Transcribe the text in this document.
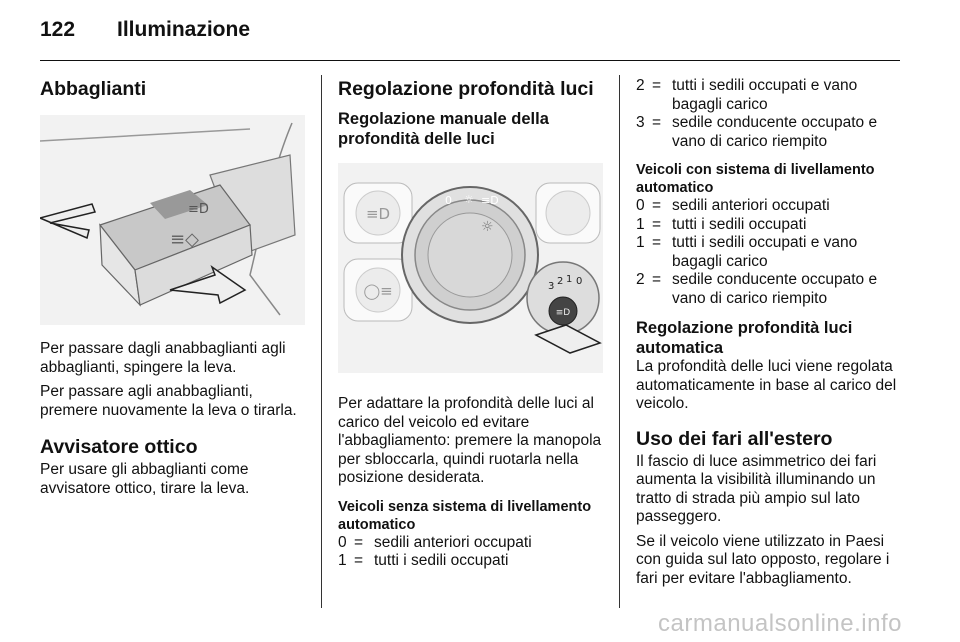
122 Illuminazione
Abbaglianti
≡◇
≡D

Per passare dagli anabbaglianti agli abbaglianti, spingere la leva.

Per passare agli anabbaglianti, premere nuovamente la leva o tirarla.

Avvisatore ottico

Per usare gli abbaglianti come avvisatore ottico, tirare la leva.

Regolazione profondità luci
Regolazione manuale della profondità delle luci
≡D
◯≡
0 ☼ ≡D
☼
≡D
3 2 1 0

Per adattare la profondità delle luci al carico del veicolo ed evitare l'abbagliamento: premere la manopola per sbloccarla, quindi ruotarla nella posizione desiderata.

Veicoli senza sistema di livellamento automatico
0 = sedili anteriori occupati
1 = tutti i sedili occupati
2 = tutti i sedili occupati e vano bagagli carico
3 = sedile conducente occupato e vano di carico riempito
Veicoli con sistema di livellamento automatico
0 = sedili anteriori occupati
1 = tutti i sedili occupati
1 = tutti i sedili occupati e vano bagagli carico
2 = sedile conducente occupato e vano di carico riempito
Regolazione profondità luci automatica

La profondità delle luci viene regolata automaticamente in base al carico del veicolo.

Uso dei fari all'estero

Il fascio di luce asimmetrico dei fari aumenta la visibilità illuminando un tratto di strada più ampio sul lato passeggero.

Se il veicolo viene utilizzato in Paesi con guida sul lato opposto, regolare i fari per evitare l'abbagliamento.

carmanualsonline.info
